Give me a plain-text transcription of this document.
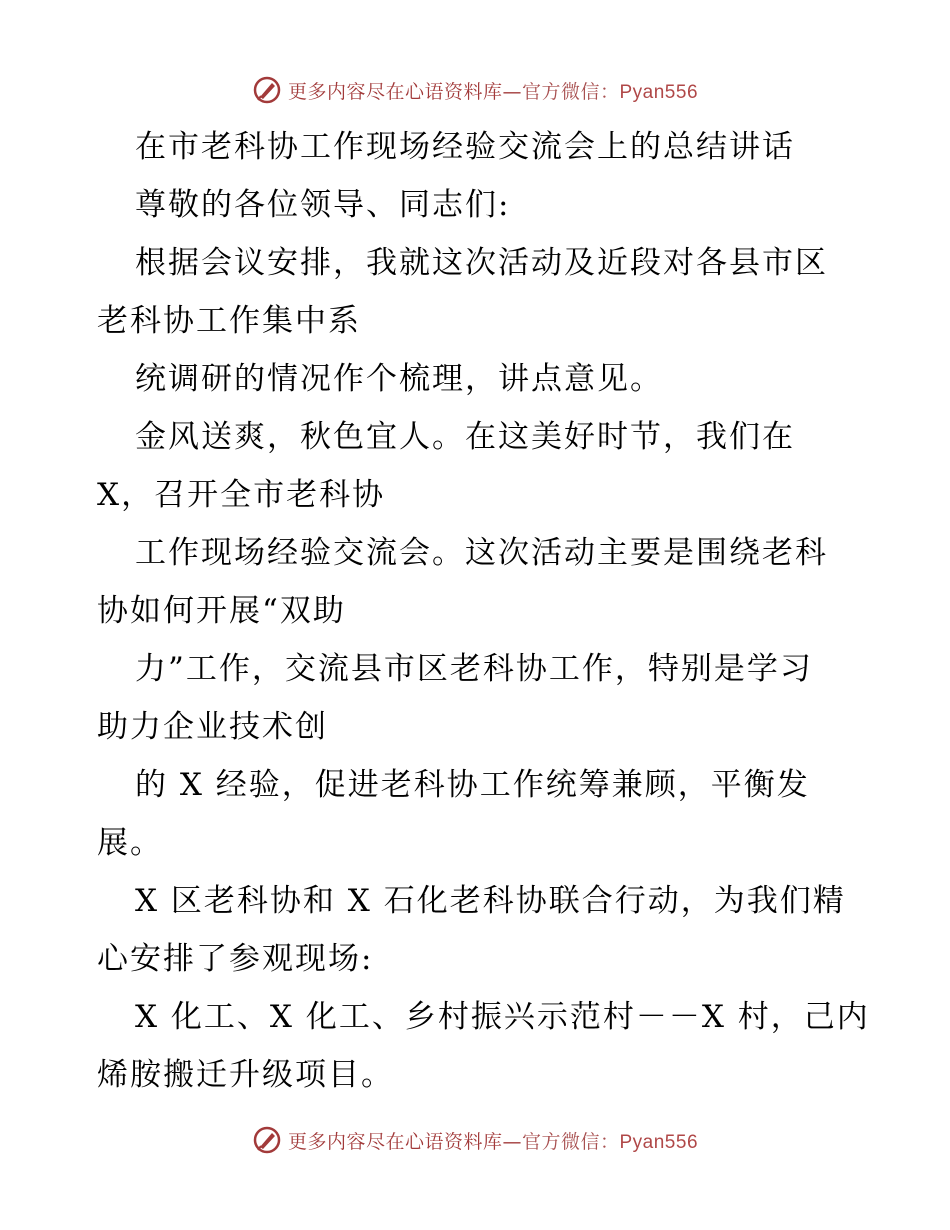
更多内容尽在心语资料库—官方微信：Pyan556
在市老科协工作现场经验交流会上的总结讲话
尊敬的各位领导、同志们:
根据会议安排，我就这次活动及近段对各县市区
老科协工作集中系
统调研的情况作个梳理，讲点意见。
金风送爽，秋色宜人。在这美好时节，我们在
X，召开全市老科协
工作现场经验交流会。这次活动主要是围绕老科
协如何开展“双助
力”工作，交流县市区老科协工作，特别是学习
助力企业技术创
的 X 经验，促进老科协工作统筹兼顾，平衡发
展。
X 区老科协和 X 石化老科协联合行动，为我们精
心安排了参观现场:
X 化工、X 化工、乡村振兴示范村－－X 村，己内
烯胺搬迁升级项目。
更多内容尽在心语资料库—官方微信：Pyan556
